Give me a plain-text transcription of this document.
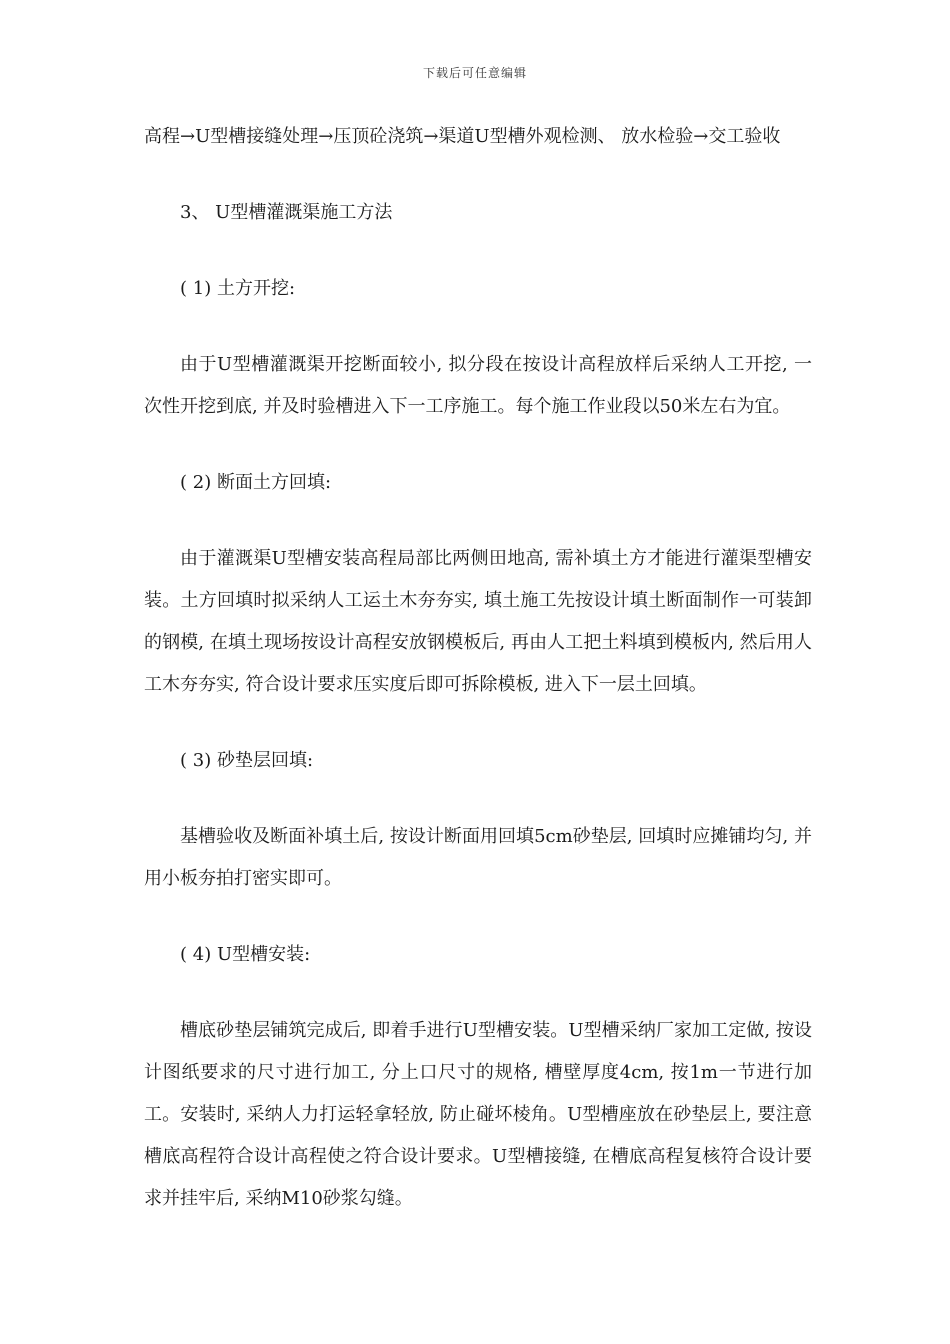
下载后可任意编辑

高程→U型槽接缝处理→压顶砼浇筑→渠道U型槽外观检测、 放水检验→交工验收

3、 U型槽灌溉渠施工方法

( 1) 土方开挖:

由于U型槽灌溉渠开挖断面较小, 拟分段在按设计高程放样后采纳人工开挖, 一次性开挖到底, 并及时验槽进入下一工序施工。每个施工作业段以50米左右为宜。

( 2) 断面土方回填:

由于灌溉渠U型槽安装高程局部比两侧田地高, 需补填土方才能进行灌渠型槽安装。土方回填时拟采纳人工运土木夯夯实, 填土施工先按设计填土断面制作一可装卸的钢模, 在填土现场按设计高程安放钢模板后, 再由人工把土料填到模板内, 然后用人工木夯夯实, 符合设计要求压实度后即可拆除模板, 进入下一层土回填。

( 3) 砂垫层回填:

基槽验收及断面补填土后, 按设计断面用回填5cm砂垫层, 回填时应摊铺均匀, 并用小板夯拍打密实即可。

( 4) U型槽安装:

槽底砂垫层铺筑完成后, 即着手进行U型槽安装。U型槽采纳厂家加工定做, 按设计图纸要求的尺寸进行加工, 分上口尺寸的规格, 槽壁厚度4cm, 按1m一节进行加工。安装时, 采纳人力打运轻拿轻放, 防止碰坏棱角。U型槽座放在砂垫层上, 要注意槽底高程符合设计高程使之符合设计要求。U型槽接缝, 在槽底高程复核符合设计要求并挂牢后, 采纳M10砂浆勾缝。
